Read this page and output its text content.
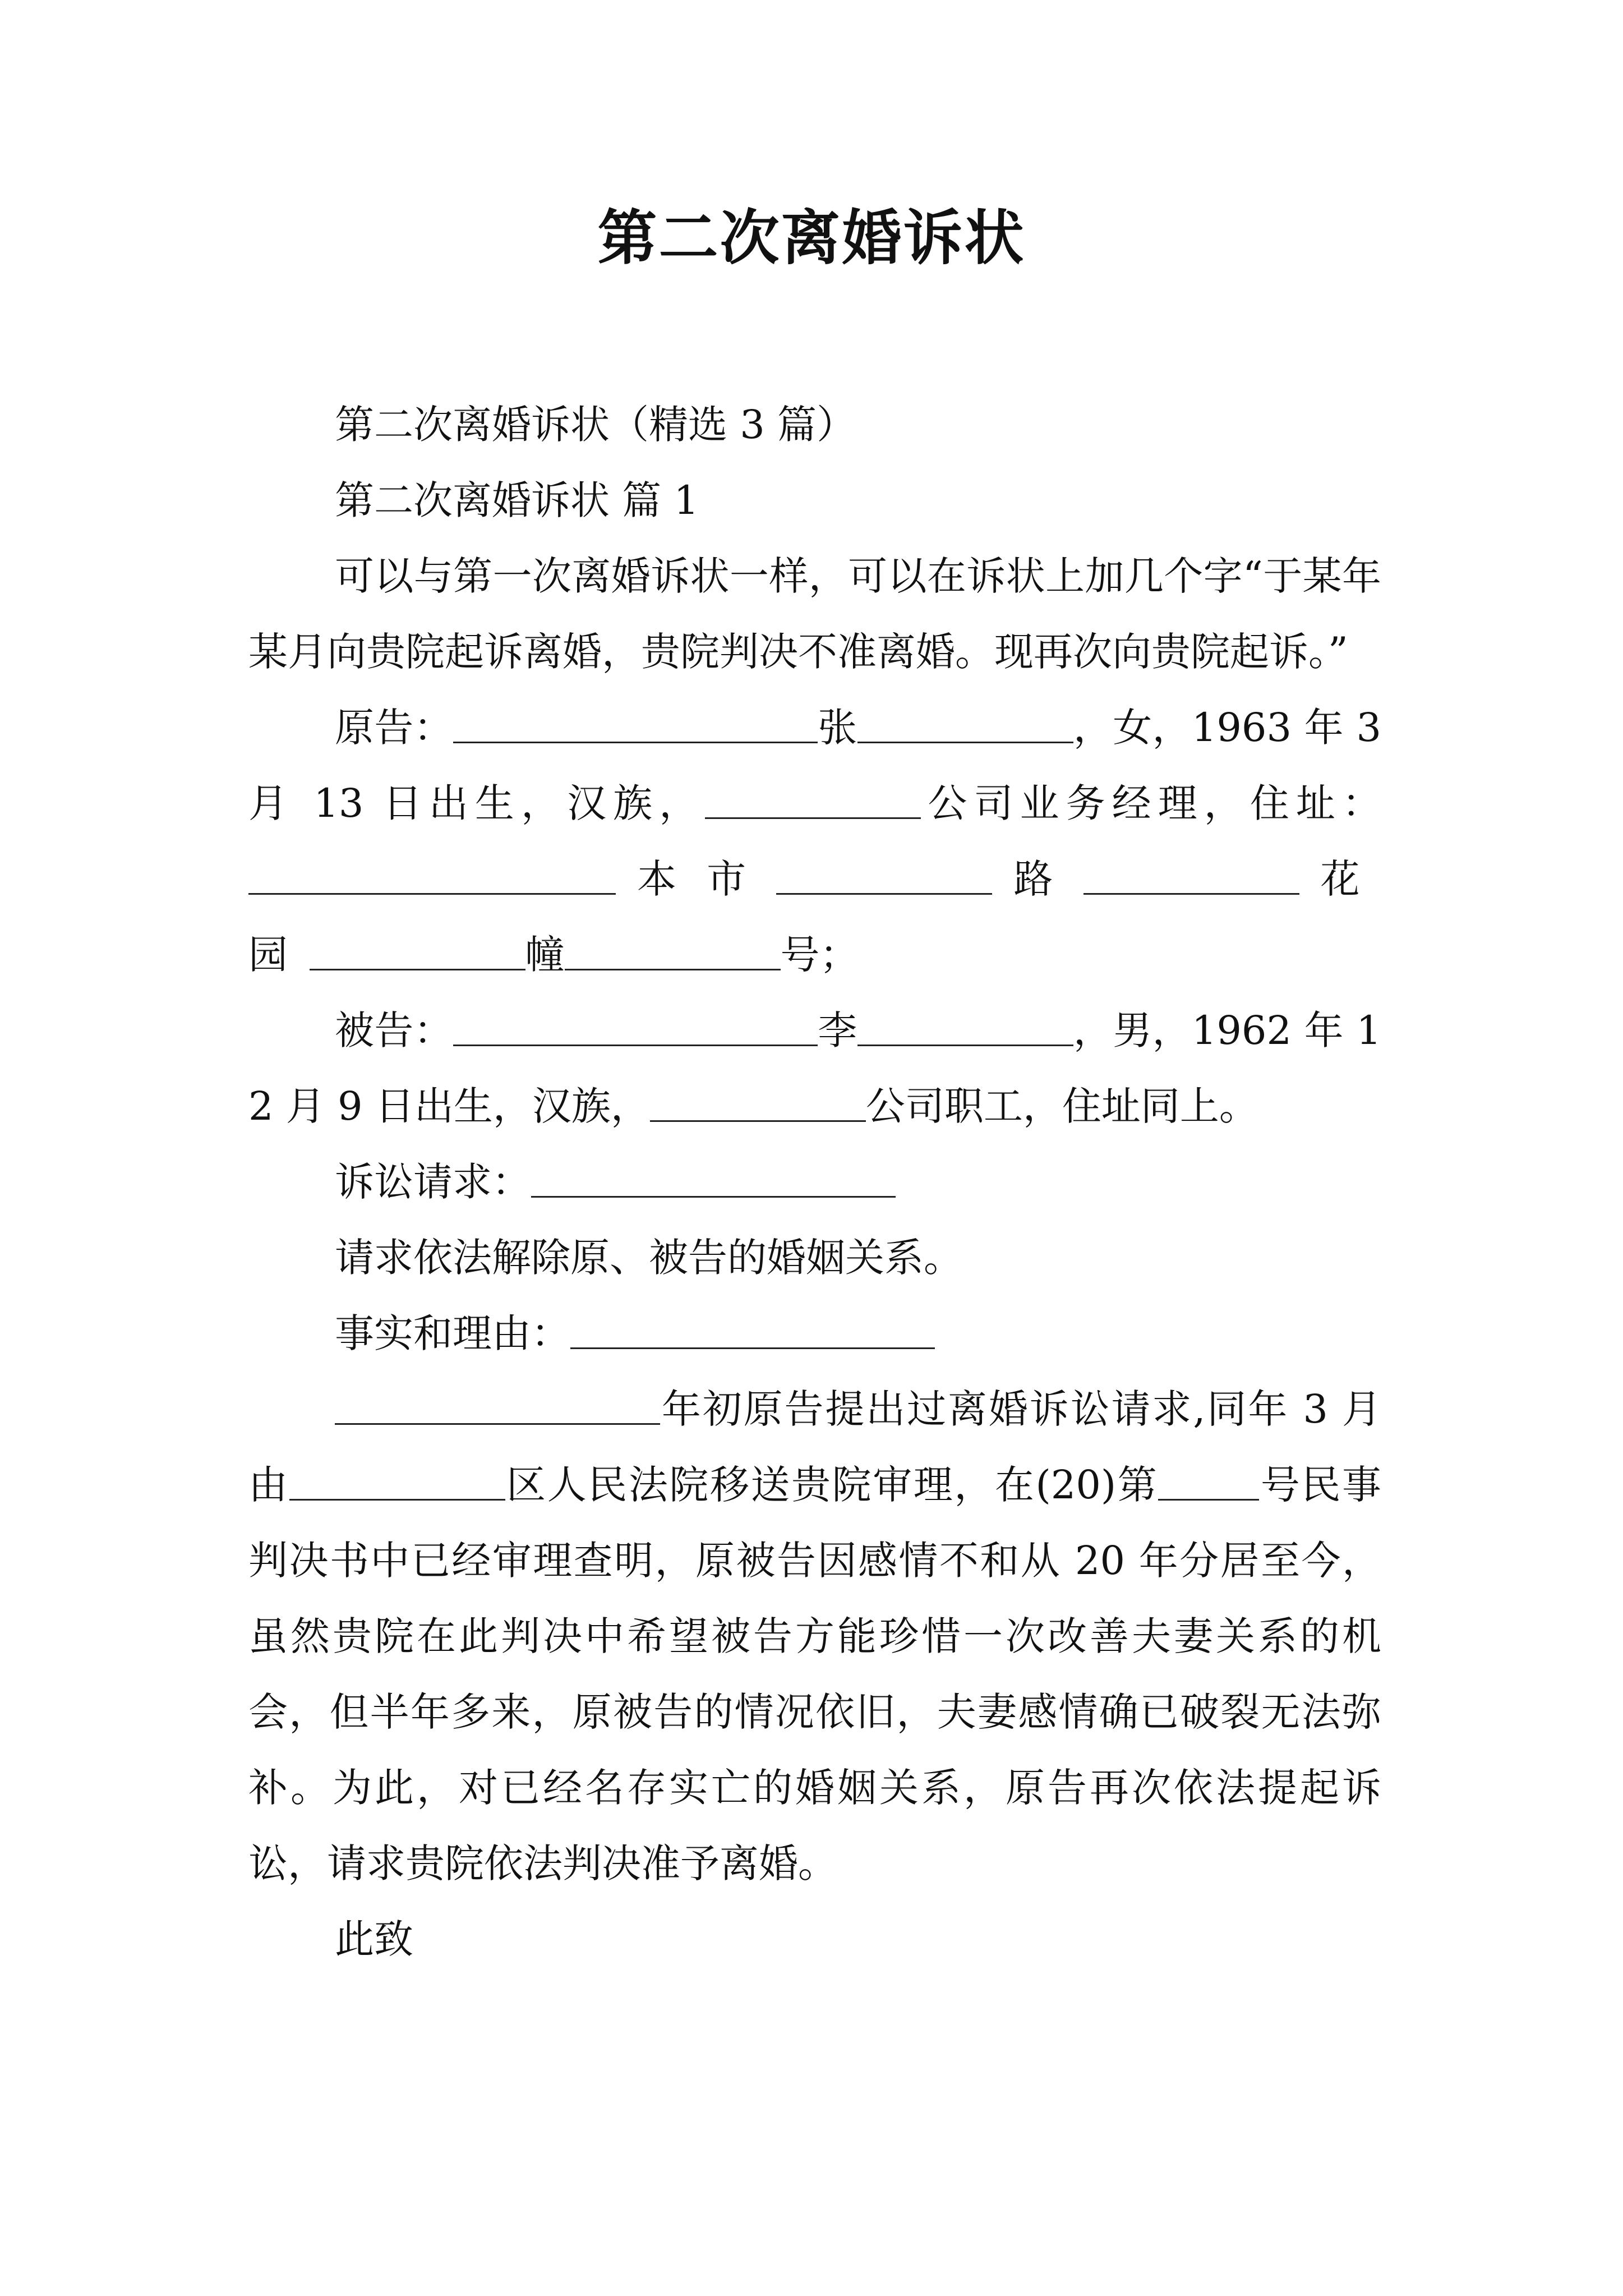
第二次离婚诉状

第二次离婚诉状（精选 3 篇）

第二次离婚诉状 篇 1

可以与第一次离婚诉状一样，可以在诉状上加几个字“于某年某月向贵院起诉离婚，贵院判决不准离婚。现再次向贵院起诉。”

原告：	张	，女，1963 年 3 月 13 日出生，汉族，	公司业务经理，住址： 本市	路	花园	幢	号；

被告：	李	，男，1962 年 12 月 9 日出生，汉族，	公司职工，住址同上。

诉讼请求：

请求依法解除原、被告的婚姻关系。

事实和理由：

年初原告提出过离婚诉讼请求,同年 3 月由	区人民法院移送贵院审理，在(20)第	号民事判决书中已经审理查明，原被告因感情不和从 20 年分居至今，虽然贵院在此判决中希望被告方能珍惜一次改善夫妻关系的机会，但半年多来，原被告的情况依旧，夫妻感情确已破裂无法弥补。为此，对已经名存实亡的婚姻关系，原告再次依法提起诉讼，请求贵院依法判决准予离婚。

此致
